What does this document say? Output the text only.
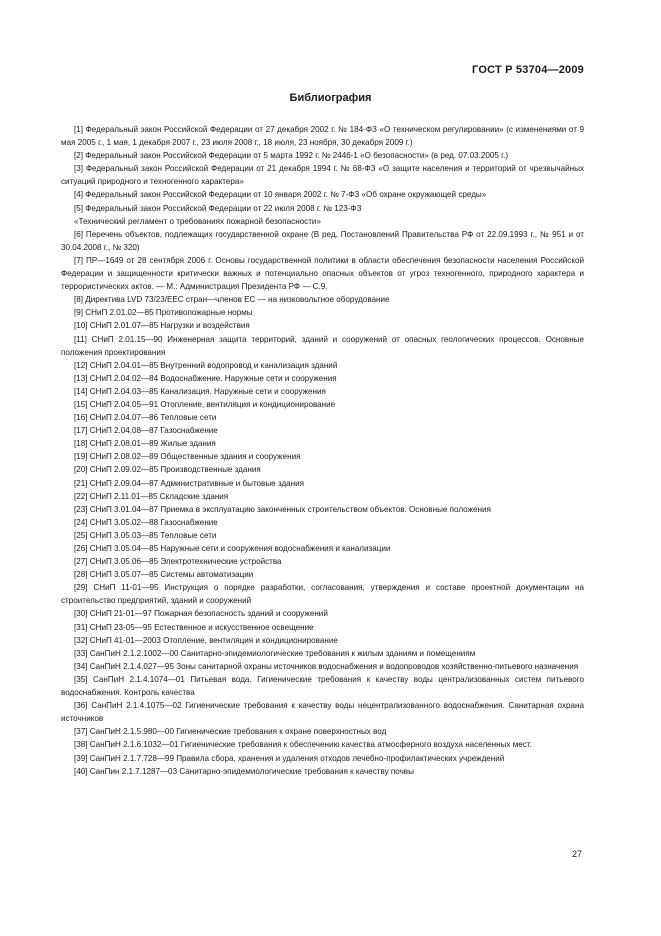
ГОСТ Р 53704—2009
Библиография

[1] Федеральный закон Российской Федерации от 27 декабря 2002 г. № 184-ФЗ «О техническом регулировании» (с изменениями от 9 мая 2005 г., 1 мая, 1 декабря 2007 г., 23 июля 2008 г., 18 июля, 23 ноября, 30 декабря 2009 г.)

[2] Федеральный закон Российской Федерации от 5 марта 1992 г. № 2446-1 «О безопасности» (в ред. 07.03.2005 г.)

[3] Федеральный закон Российской Федерации от 21 декабря 1994 г. № 68-ФЗ «О защите населения и территорий от чрезвычайных ситуаций природного и техногенного характера»

[4] Федеральный закон Российской Федерации от 10 января 2002 г. № 7-ФЗ «Об охране окружающей среды»

[5] Федеральный закон Российской Федерации от 22 июля 2008 г. № 123-ФЗ

«Технический регламент о требованиях пожарной безопасности»

[6] Перечень объектов, подлежащих государственной охране (В ред. Постановлений Правительства РФ от 22.09.1993 г., № 951 и от 30.04.2008 г., № 320)

[7] ПР—1649 от 28 сентября 2006 г. Основы государственной политики в области обеспечения безопасности населения Российской Федерации и защищенности критически важных и потенциально опасных объектов от угроз техногенного, природного характера и террористических актов. — М.: Администрация Президента РФ — С.9.

[8] Директива LVD 73/23/ЕЕС стран—членов ЕС — на низковольтное оборудование

[9] СНиП 2.01.02—85 Противопожарные нормы

[10] СНиП 2.01.07—85 Нагрузки и воздействия

[11] СНиП 2.01.15—90 Инженерная защита территорий, зданий и сооружений от опасных геологических процессов. Основные положения проектирования

[12] СНиП 2.04.01—85 Внутренний водопровод и канализация зданий

[13] СНиП 2.04.02—84 Водоснабжение. Наружные сети и сооружения

[14] СНиП 2.04.03—85 Канализация. Наружные сети и сооружения

[15] СНиП 2.04.05—91 Отопление, вентиляция и кондиционирование

[16] СНиП 2.04.07—86 Тепловые сети

[17] СНиП 2.04.08—87 Газоснабжение

[18] СНиП 2.08.01—89 Жилые здания

[19] СНиП 2.08.02—89 Общественные здания и сооружения

[20] СНиП 2.09.02—85 Производственные здания

[21] СНиП 2.09.04—87 Административные и бытовые здания

[22] СНиП 2.11.01—85 Складские здания

[23] СНиП 3.01.04—87 Приемка в эксплуатацию законченных строительством объектов. Основные положения

[24] СНиП 3.05.02—88 Газоснабжение

[25] СНиП 3.05.03—85 Тепловые сети

[26] СНиП 3.05.04—85 Наружные сети и сооружения водоснабжения и канализации

[27] СНиП 3.05.06—85 Электротехнические устройства

[28] СНиП 3.05.07—85 Системы автоматизации

[29] СНиП 11-01—95 Инструкция о порядке разработки, согласования, утверждения и составе проектной документации на строительство предприятий, зданий и сооружений

[30] СНиП 21-01—97 Пожарная безопасность зданий и сооружений

[31] СНиП 23-05—95 Естественное и искусственное освещение

[32] СНиП 41-01—2003 Отопление, вентиляция и кондиционирование

[33] СанПиН 2.1.2.1002—00 Санитарно-эпидемиологические требования к жилым зданиям и помещениям

[34] СанПиН 2.1.4.027—95 Зоны санитарной охраны источников водоснабжения и водопроводов хозяйственно-питьевого назначения

[35] СанПиН 2.1.4.1074—01 Питьевая вода. Гигиенические требования к качеству воды централизованных систем питьевого водоснабжения. Контроль качества

[36] СанПиН 2.1.4.1075—02 Гигиенические требования к качеству воды нецентрализованного водоснабжения. Санитарная охрана источников

[37] СанПиН 2.1.5.980—00 Гигиенические требования к охране поверхностных вод

[38] СанПиН 2.1.6.1032—01 Гигиенические требования к обеспечению качества атмосферного воздуха населенных мест.

[39] СанПиН 2.1.7.728—99 Правила сбора, хранения и удаления отходов лечебно-профилактических учреждений

[40] СанПин 2.1.7.1287—03 Санитарно-эпидемиологические требования к качеству почвы

27
